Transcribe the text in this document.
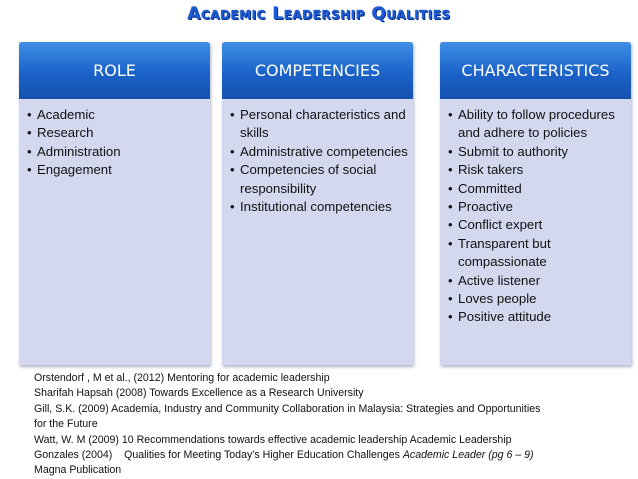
Academic Leadership Qualities
ROLE
• Academic
• Research
• Administration
• Engagement
COMPETENCIES
• Personal characteristics and skills
• Administrative competencies
• Competencies of social responsibility
• Institutional competencies
CHARACTERISTICS
• Ability to follow procedures and adhere to policies
• Submit to authority
• Risk takers
• Committed
• Proactive
• Conflict expert
• Transparent but compassionate
• Active listener
• Loves people
• Positive attitude
Orstendorf , M et al., (2012) Mentoring for academic leadership
Sharifah Hapsah (2008) Towards Excellence as a Research University
Gill, S.K. (2009) Academia, Industry and Community Collaboration in Malaysia: Strategies and Opportunities
for the Future
Watt, W. M (2009) 10 Recommendations towards effective academic leadership Academic Leadership
Gonzales (2004)    Qualities for Meeting Today’s Higher Education Challenges Academic Leader (pg 6 – 9)
Magna Publication
